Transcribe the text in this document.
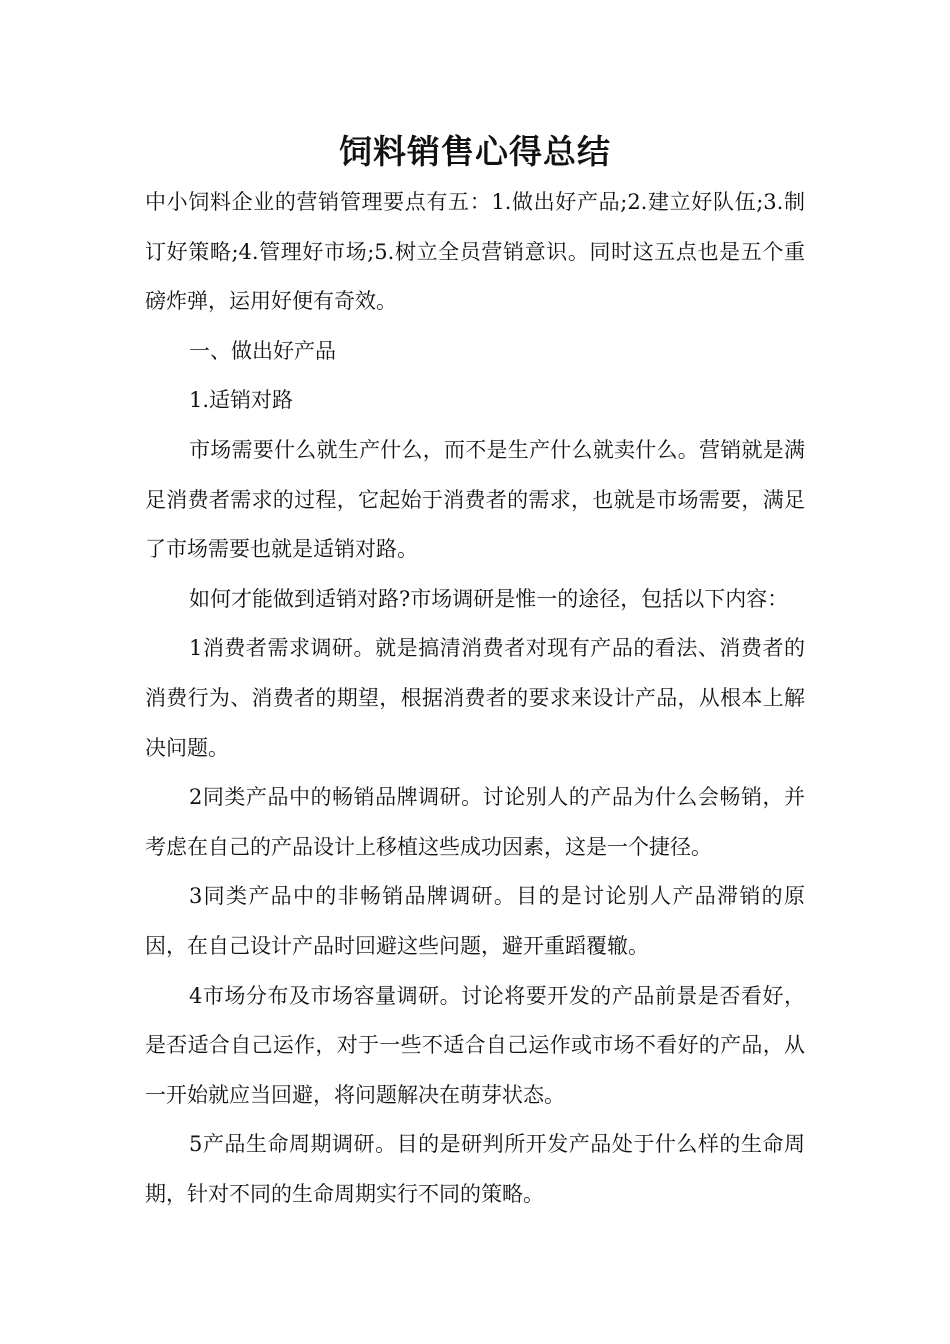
饲料销售心得总结

中小饲料企业的营销管理要点有五：1.做出好产品;2.建立好队伍;3.制订好策略;4.管理好市场;5.树立全员营销意识。同时这五点也是五个重磅炸弹，运用好便有奇效。

一、做出好产品

1.适销对路

市场需要什么就生产什么，而不是生产什么就卖什么。营销就是满足消费者需求的过程，它起始于消费者的需求，也就是市场需要，满足了市场需要也就是适销对路。

如何才能做到适销对路?市场调研是惟一的途径，包括以下内容：

1消费者需求调研。就是搞清消费者对现有产品的看法、消费者的消费行为、消费者的期望，根据消费者的要求来设计产品，从根本上解决问题。

2同类产品中的畅销品牌调研。讨论别人的产品为什么会畅销，并考虑在自己的产品设计上移植这些成功因素，这是一个捷径。

3同类产品中的非畅销品牌调研。目的是讨论别人产品滞销的原因，在自己设计产品时回避这些问题，避开重蹈覆辙。

4市场分布及市场容量调研。讨论将要开发的产品前景是否看好，是否适合自己运作，对于一些不适合自己运作或市场不看好的产品，从一开始就应当回避，将问题解决在萌芽状态。

5产品生命周期调研。目的是研判所开发产品处于什么样的生命周期，针对不同的生命周期实行不同的策略。
